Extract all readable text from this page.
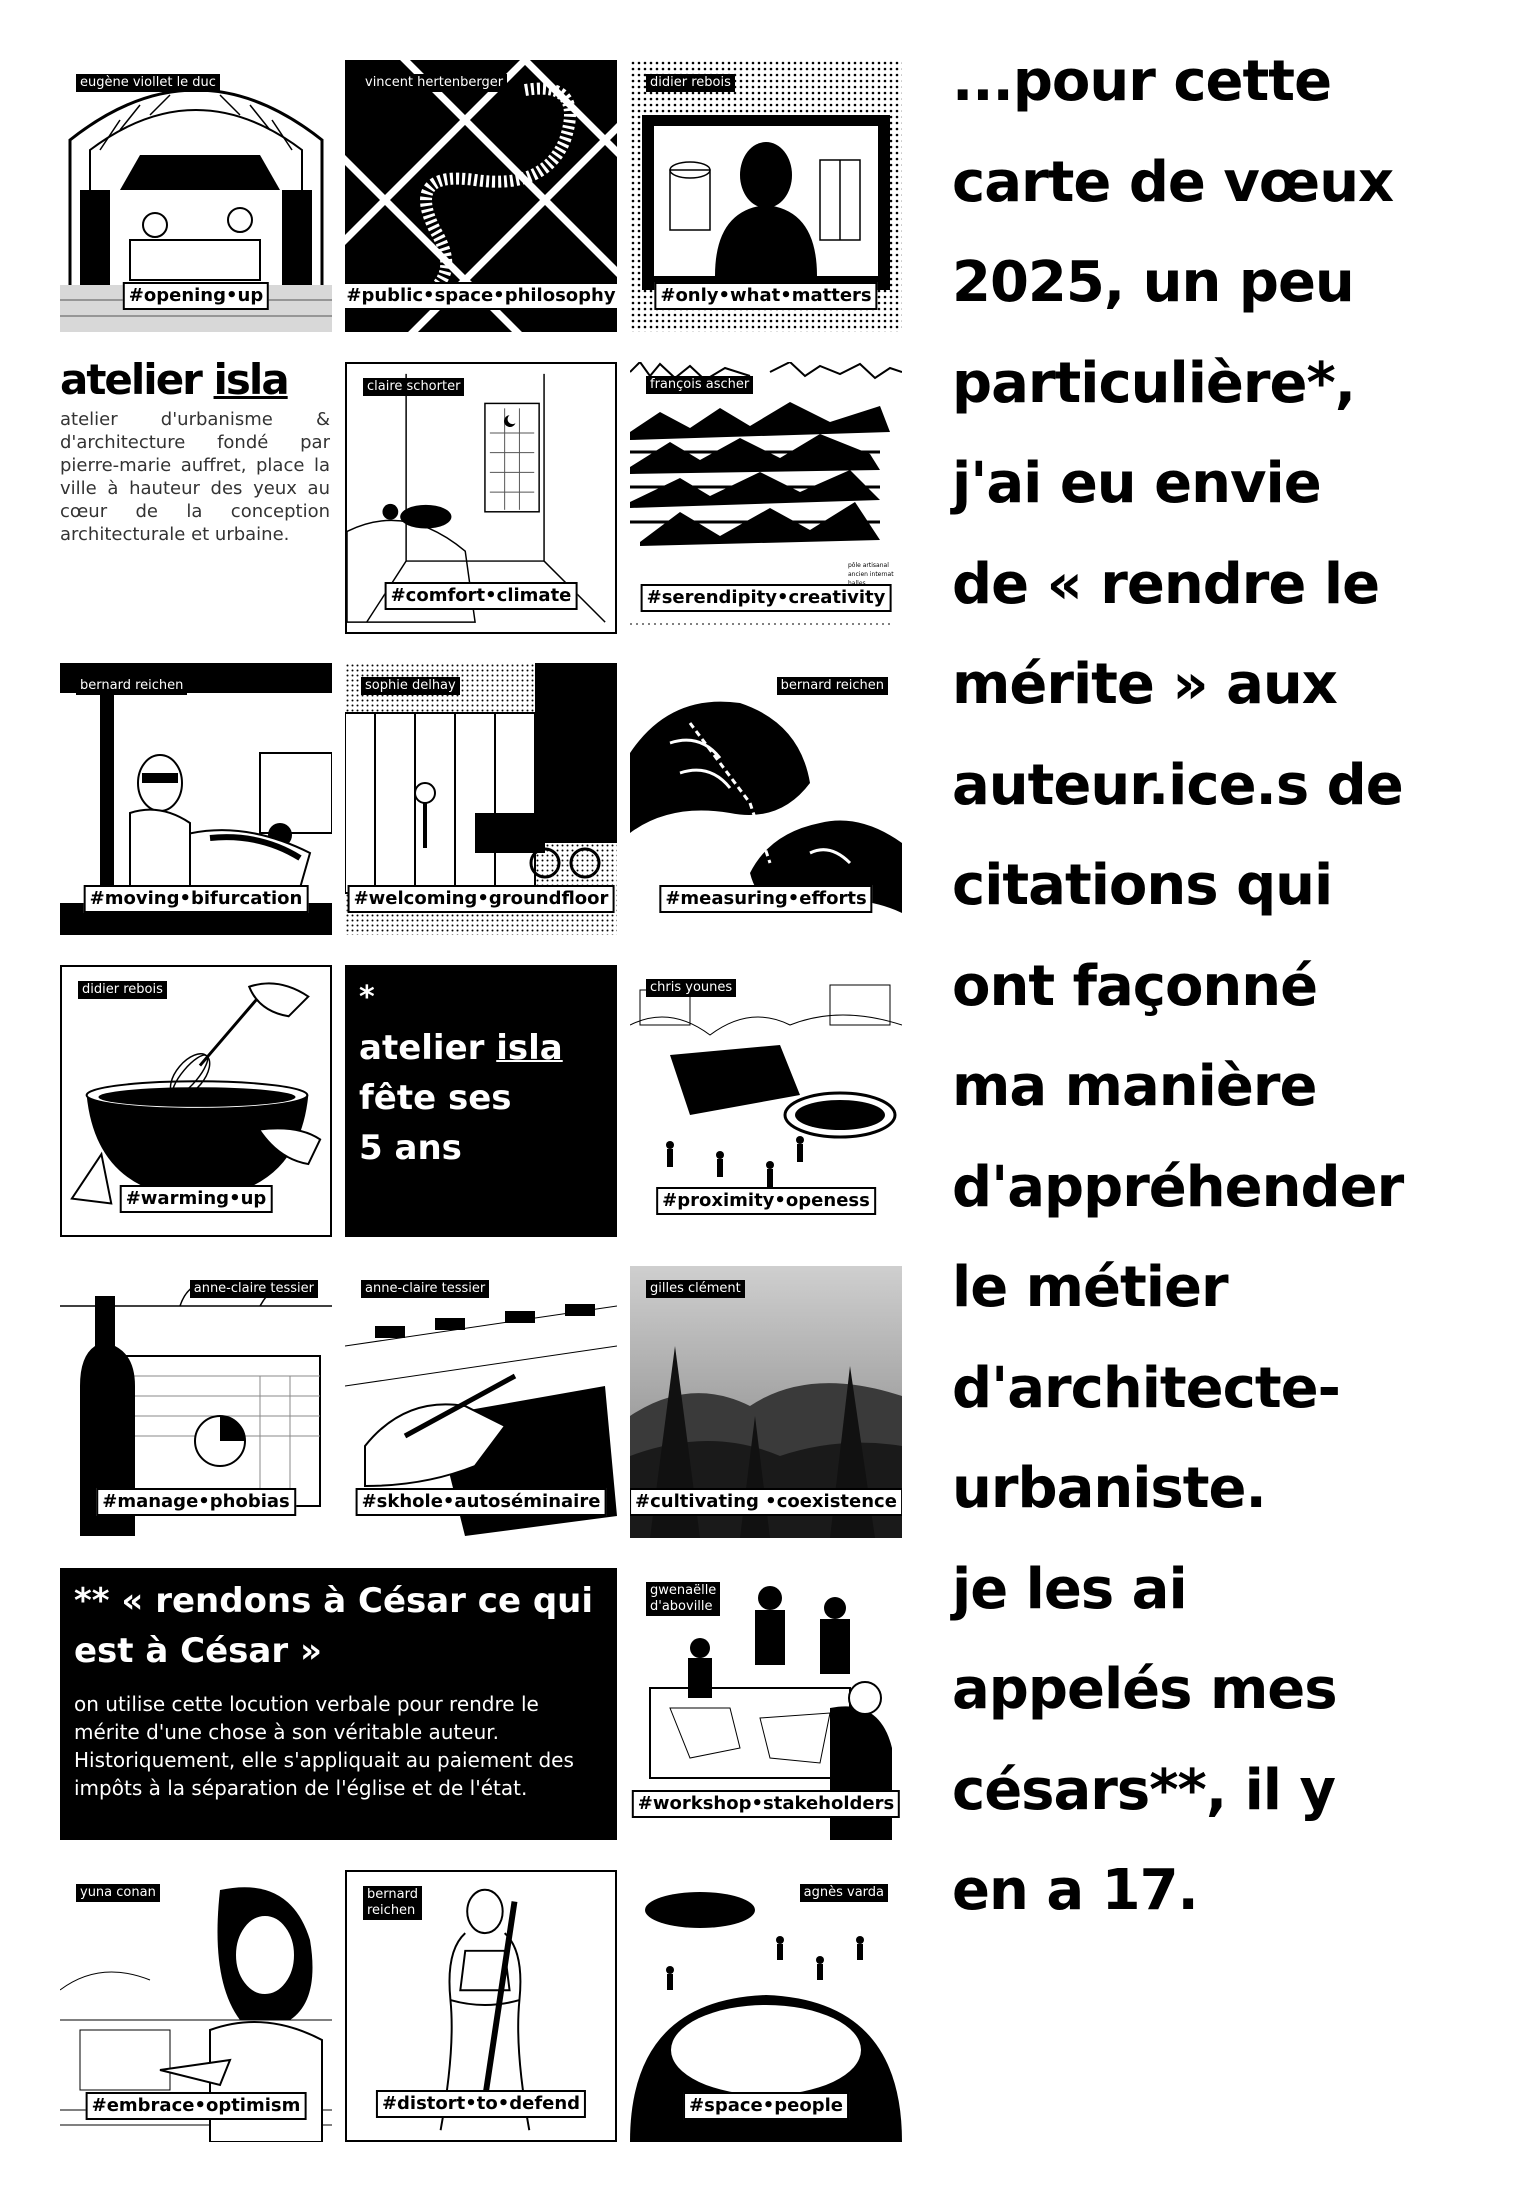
eugène viollet le duc
#opening•up
vincent hertenberger
#public•space•philosophy
didier rebois
#only•what•matters
atelier isla
atelier d'urbanisme & d'architecture fondé par pierre-marie auffret, place la ville à hauteur des yeux au cœur de la conception architecturale et urbaine.
claire schorter
#comfort•climate
pôle artisanal
ancien internat
françois ascher
#serendipity•creativity
bernard reichen
#moving•bifurcation
sophie delhay
#welcoming•groundfloor
bernard reichen
#measuring•efforts
didier rebois
#warming•up
*
atelier isla
fête ses
5 ans
chris younes
#proximity•openess
anne-claire tessier
#manage•phobias
anne-claire tessier
#skhole•autoséminaire
gilles clément
#cultivating •coexistence
** « rendons à César ce qui est à César »
on utilise cette locution verbale pour rendre le mérite d'une chose à son véritable auteur. Historiquement, elle s'appliquait au paiement des impôts à la séparation de l'église et de l'état.
gwenaëlle
d'aboville
#workshop•stakeholders
yuna conan
#embrace•optimism
bernard
reichen
#distort•to•defend
agnès varda
#space•people
...pour cette
carte de vœux
2025, un peu
particulière*,
j'ai eu envie
de « rendre le
mérite » aux
auteur.ice.s de
citations qui
ont façonné
ma manière
d'appréhender
le métier
d'architecte-
urbaniste.
je les ai
appelés mes
césars**, il y
en a 17.
